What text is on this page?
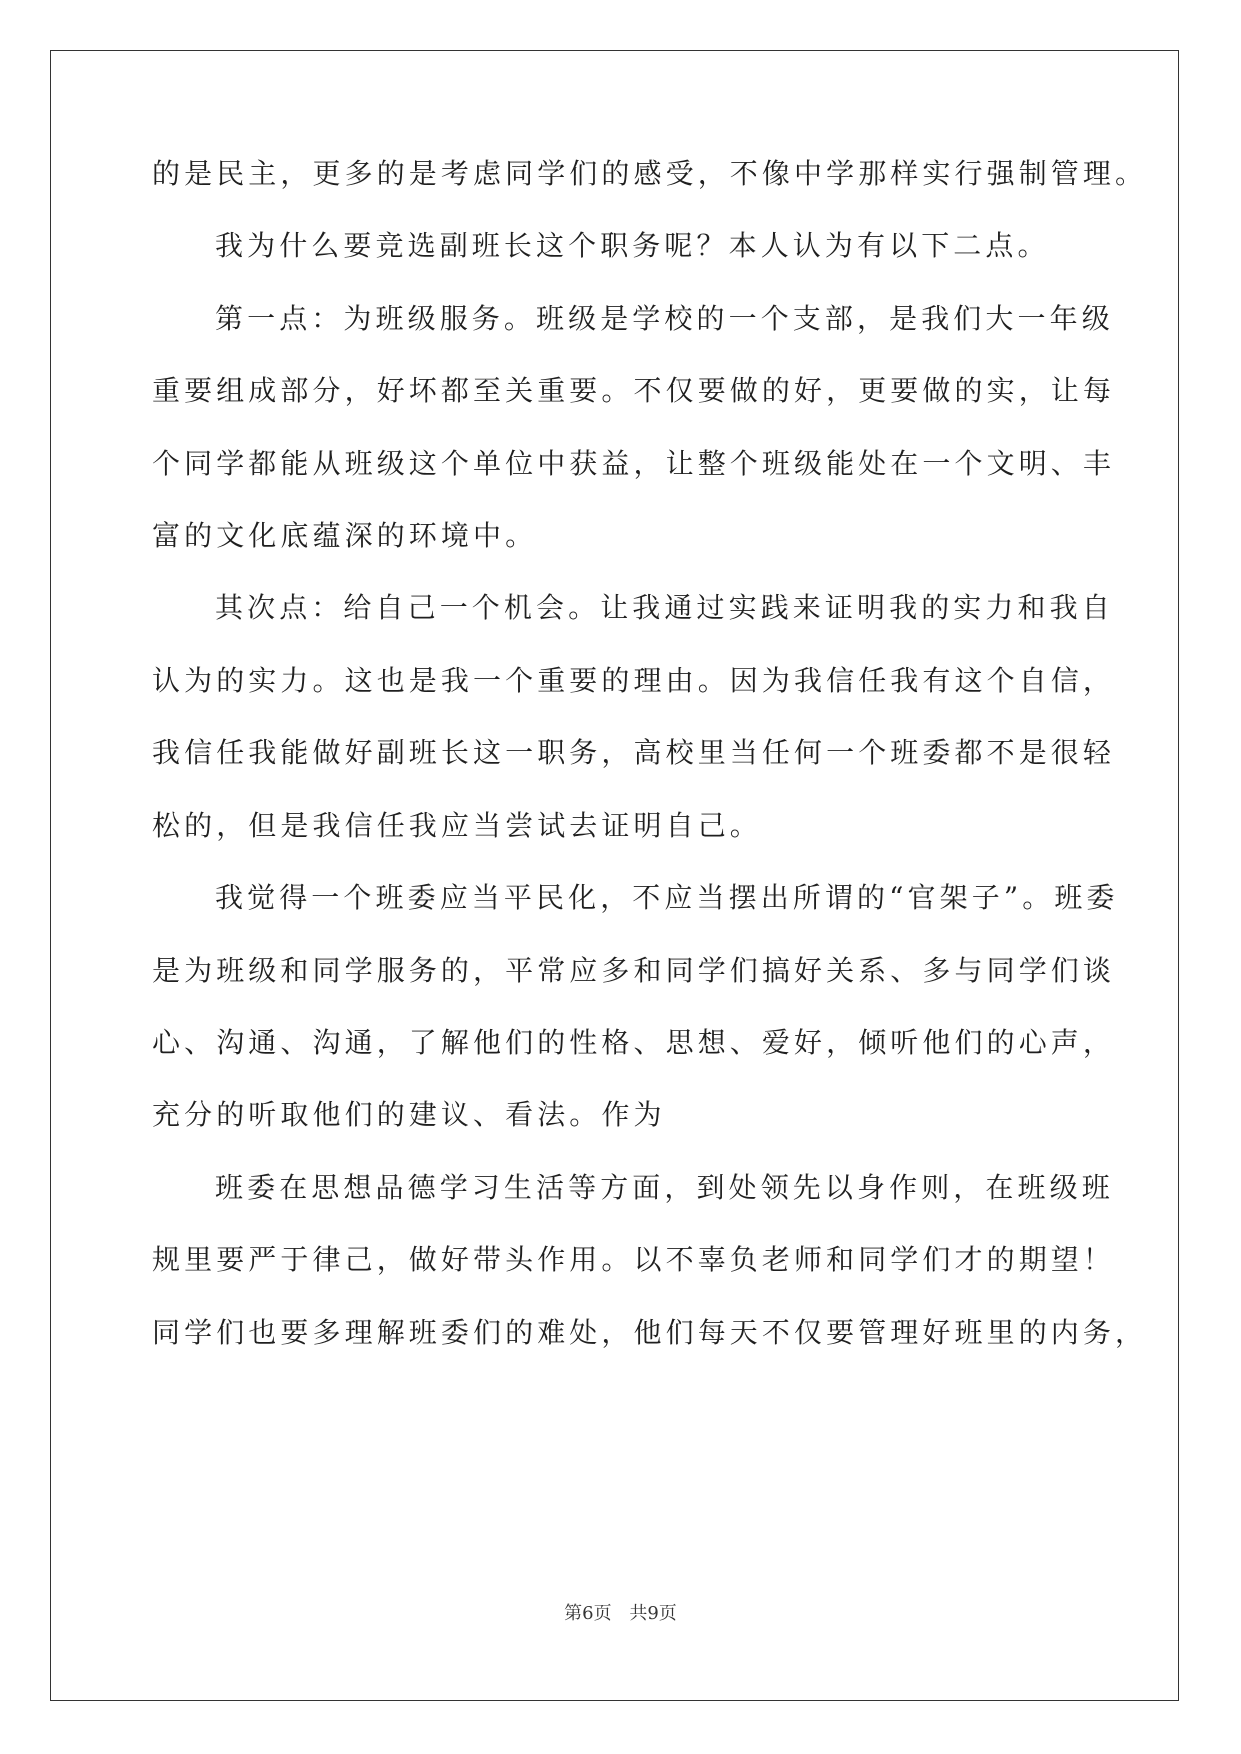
的是民主，更多的是考虑同学们的感受，不像中学那样实行强制管理。
我为什么要竞选副班长这个职务呢？本人认为有以下二点。
第一点：为班级服务。班级是学校的一个支部，是我们大一年级
重要组成部分，好坏都至关重要。不仅要做的好，更要做的实，让每
个同学都能从班级这个单位中获益，让整个班级能处在一个文明、丰
富的文化底蕴深的环境中。
其次点：给自己一个机会。让我通过实践来证明我的实力和我自
认为的实力。这也是我一个重要的理由。因为我信任我有这个自信，
我信任我能做好副班长这一职务，高校里当任何一个班委都不是很轻
松的，但是我信任我应当尝试去证明自己。
我觉得一个班委应当平民化，不应当摆出所谓的“官架子”。班委
是为班级和同学服务的，平常应多和同学们搞好关系、多与同学们谈
心、沟通、沟通，了解他们的性格、思想、爱好，倾听他们的心声，
充分的听取他们的建议、看法。作为
班委在思想品德学习生活等方面，到处领先以身作则，在班级班
规里要严于律己，做好带头作用。以不辜负老师和同学们才的期望！
同学们也要多理解班委们的难处，他们每天不仅要管理好班里的内务，
第6页 共9页
